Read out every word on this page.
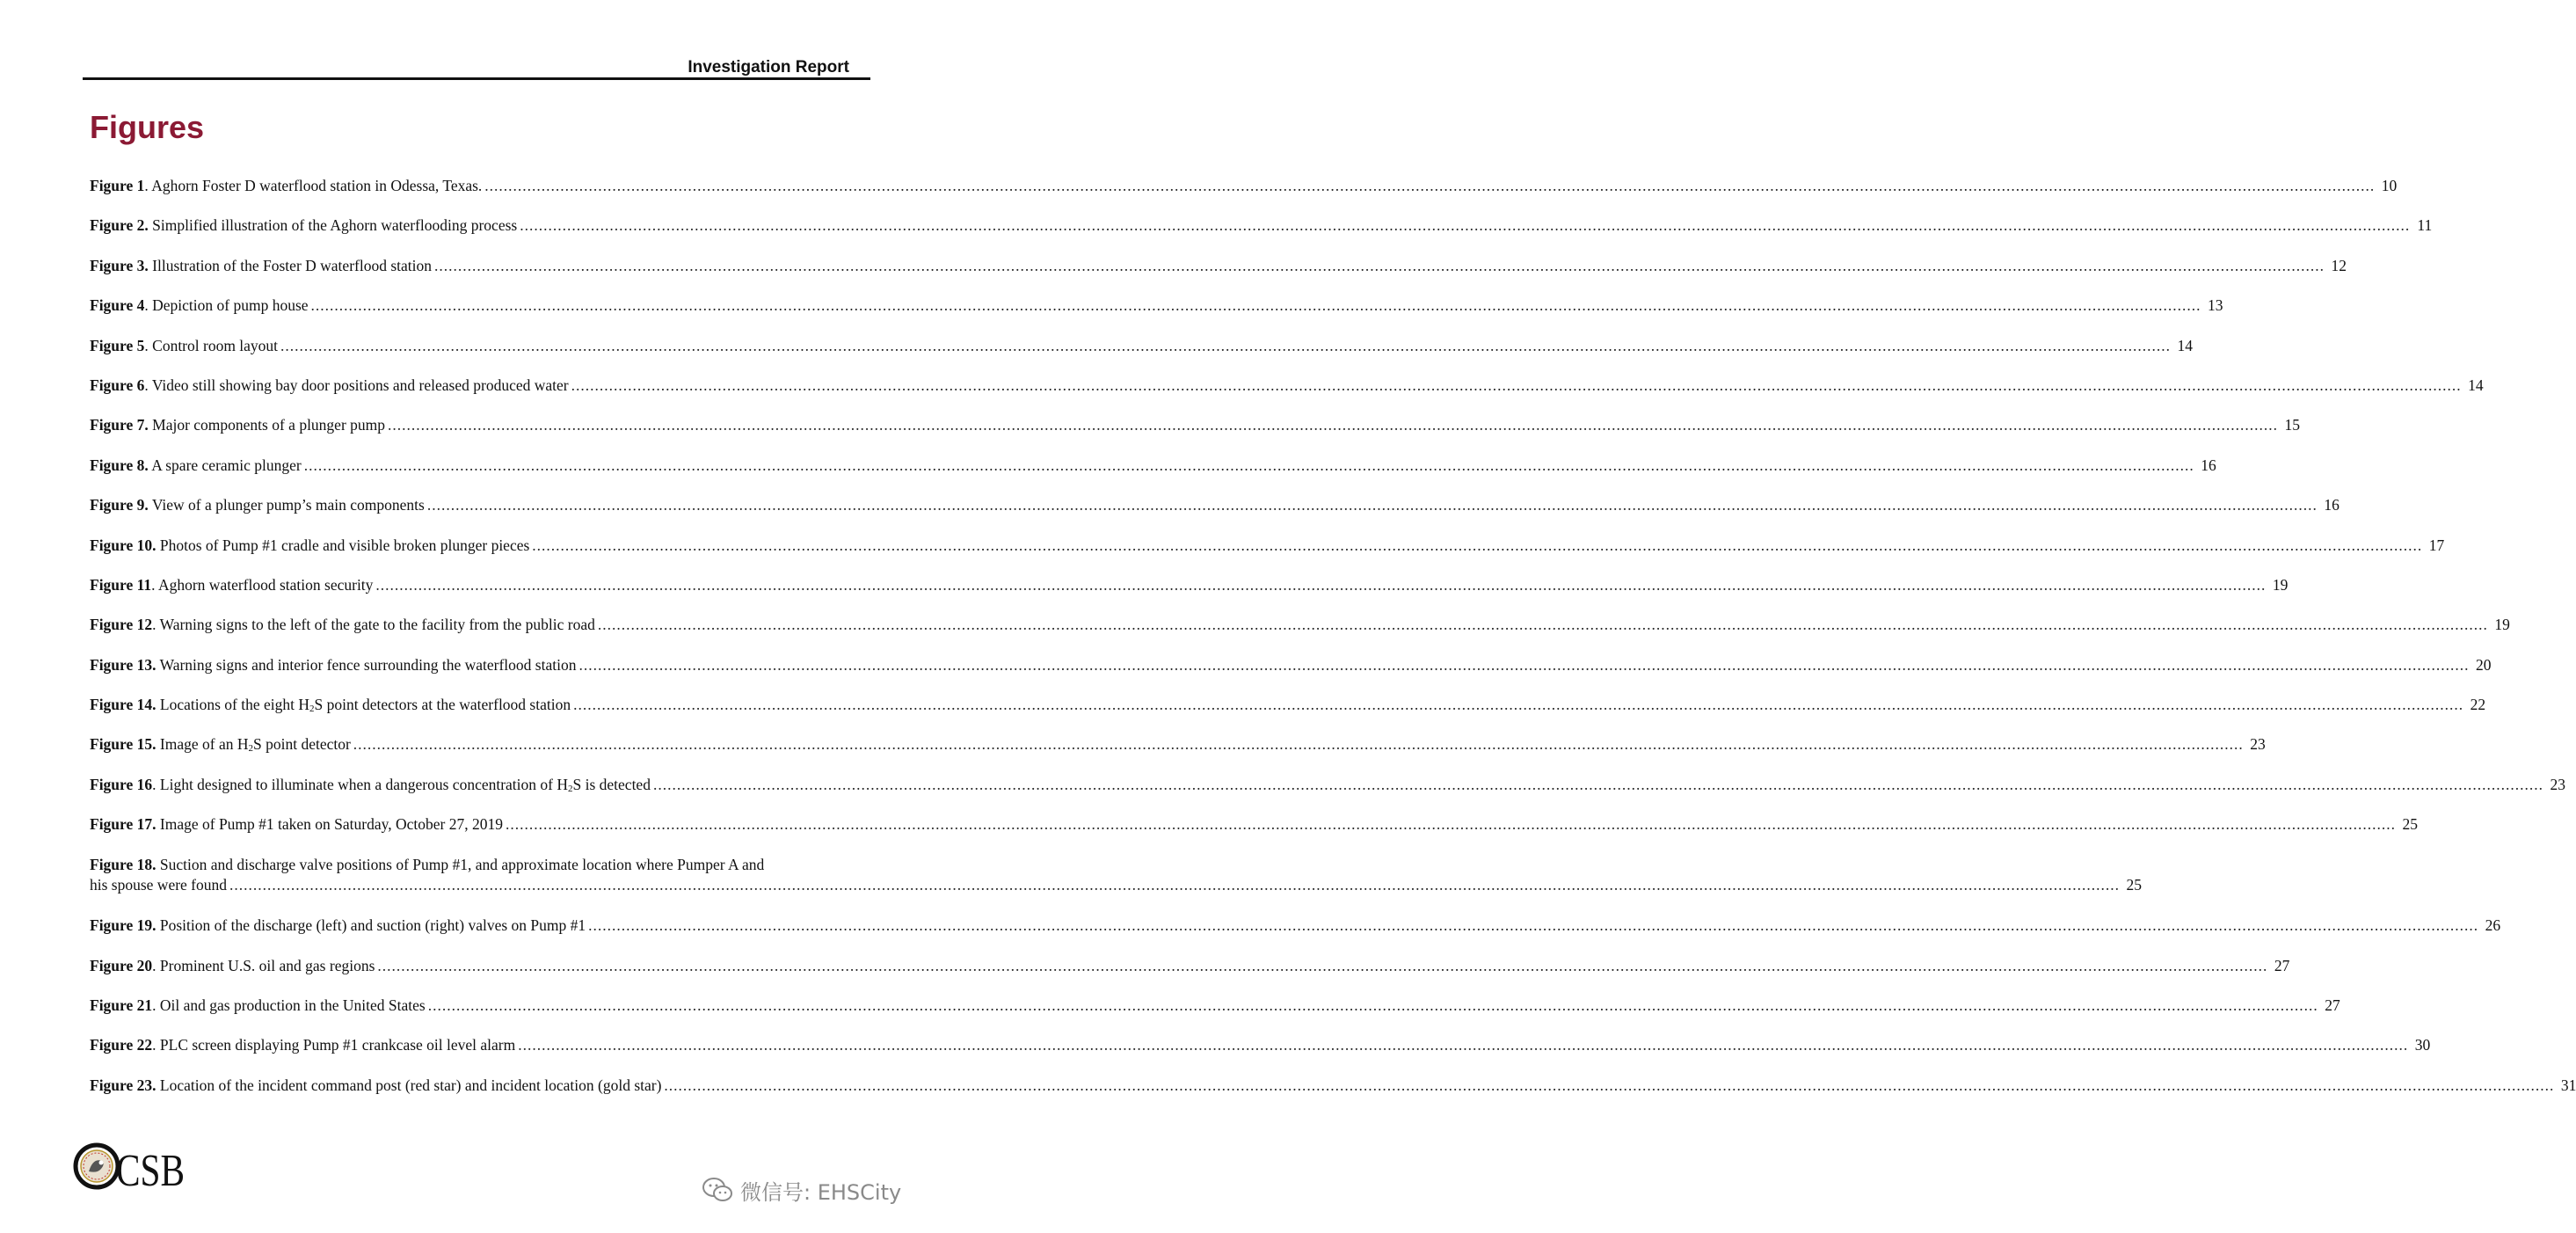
Investigation Report
Figures
Figure 1. Aghorn Foster D waterflood station in Odessa, Texas. ................................................................................................................................................................................................................................................................................................................................................................................................................ 10
Figure 2. Simplified illustration of the Aghorn waterflooding process ................................................................................................................................................................................................................................................................................................................................................................................................................ 11
Figure 3. Illustration of the Foster D waterflood station ................................................................................................................................................................................................................................................................................................................................................................................................................ 12
Figure 4. Depiction of pump house ................................................................................................................................................................................................................................................................................................................................................................................................................ 13
Figure 5. Control room layout ................................................................................................................................................................................................................................................................................................................................................................................................................ 14
Figure 6. Video still showing bay door positions and released produced water ................................................................................................................................................................................................................................................................................................................................................................................................................ 14
Figure 7. Major components of a plunger pump ................................................................................................................................................................................................................................................................................................................................................................................................................ 15
Figure 8. A spare ceramic plunger ................................................................................................................................................................................................................................................................................................................................................................................................................ 16
Figure 9. View of a plunger pump’s main components ................................................................................................................................................................................................................................................................................................................................................................................................................ 16
Figure 10. Photos of Pump #1 cradle and visible broken plunger pieces ................................................................................................................................................................................................................................................................................................................................................................................................................ 17
Figure 11. Aghorn waterflood station security ................................................................................................................................................................................................................................................................................................................................................................................................................ 19
Figure 12. Warning signs to the left of the gate to the facility from the public road ................................................................................................................................................................................................................................................................................................................................................................................................................ 19
Figure 13. Warning signs and interior fence surrounding the waterflood station ................................................................................................................................................................................................................................................................................................................................................................................................................ 20
Figure 14. Locations of the eight $H_2S$ point detectors at the waterflood station ................................................................................................................................................................................................................................................................................................................................................................................................................ 22
Figure 15. Image of an $H_2S$ point detector ................................................................................................................................................................................................................................................................................................................................................................................................................ 23
Figure 16. Light designed to illuminate when a dangerous concentration of $H_2S$ is detected ................................................................................................................................................................................................................................................................................................................................................................................................................ 23
Figure 17. Image of Pump #1 taken on Saturday, October 27, 2019 ................................................................................................................................................................................................................................................................................................................................................................................................................ 25
Figure 18. Suction and discharge valve positions of Pump #1, and approximate location where Pumper A and
his spouse were found ................................................................................................................................................................................................................................................................................................................................................................................................................ 25
Figure 19. Position of the discharge (left) and suction (right) valves on Pump #1 ................................................................................................................................................................................................................................................................................................................................................................................................................ 26
Figure 20. Prominent U.S. oil and gas regions ................................................................................................................................................................................................................................................................................................................................................................................................................ 27
Figure 21. Oil and gas production in the United States ................................................................................................................................................................................................................................................................................................................................................................................................................ 27
Figure 22. PLC screen displaying Pump #1 crankcase oil level alarm ................................................................................................................................................................................................................................................................................................................................................................................................................ 30
Figure 23. Location of the incident command post (red star) and incident location (gold star) ................................................................................................................................................................................................................................................................................................................................................................................................................ 31
CSB	微信号: EHSCity
